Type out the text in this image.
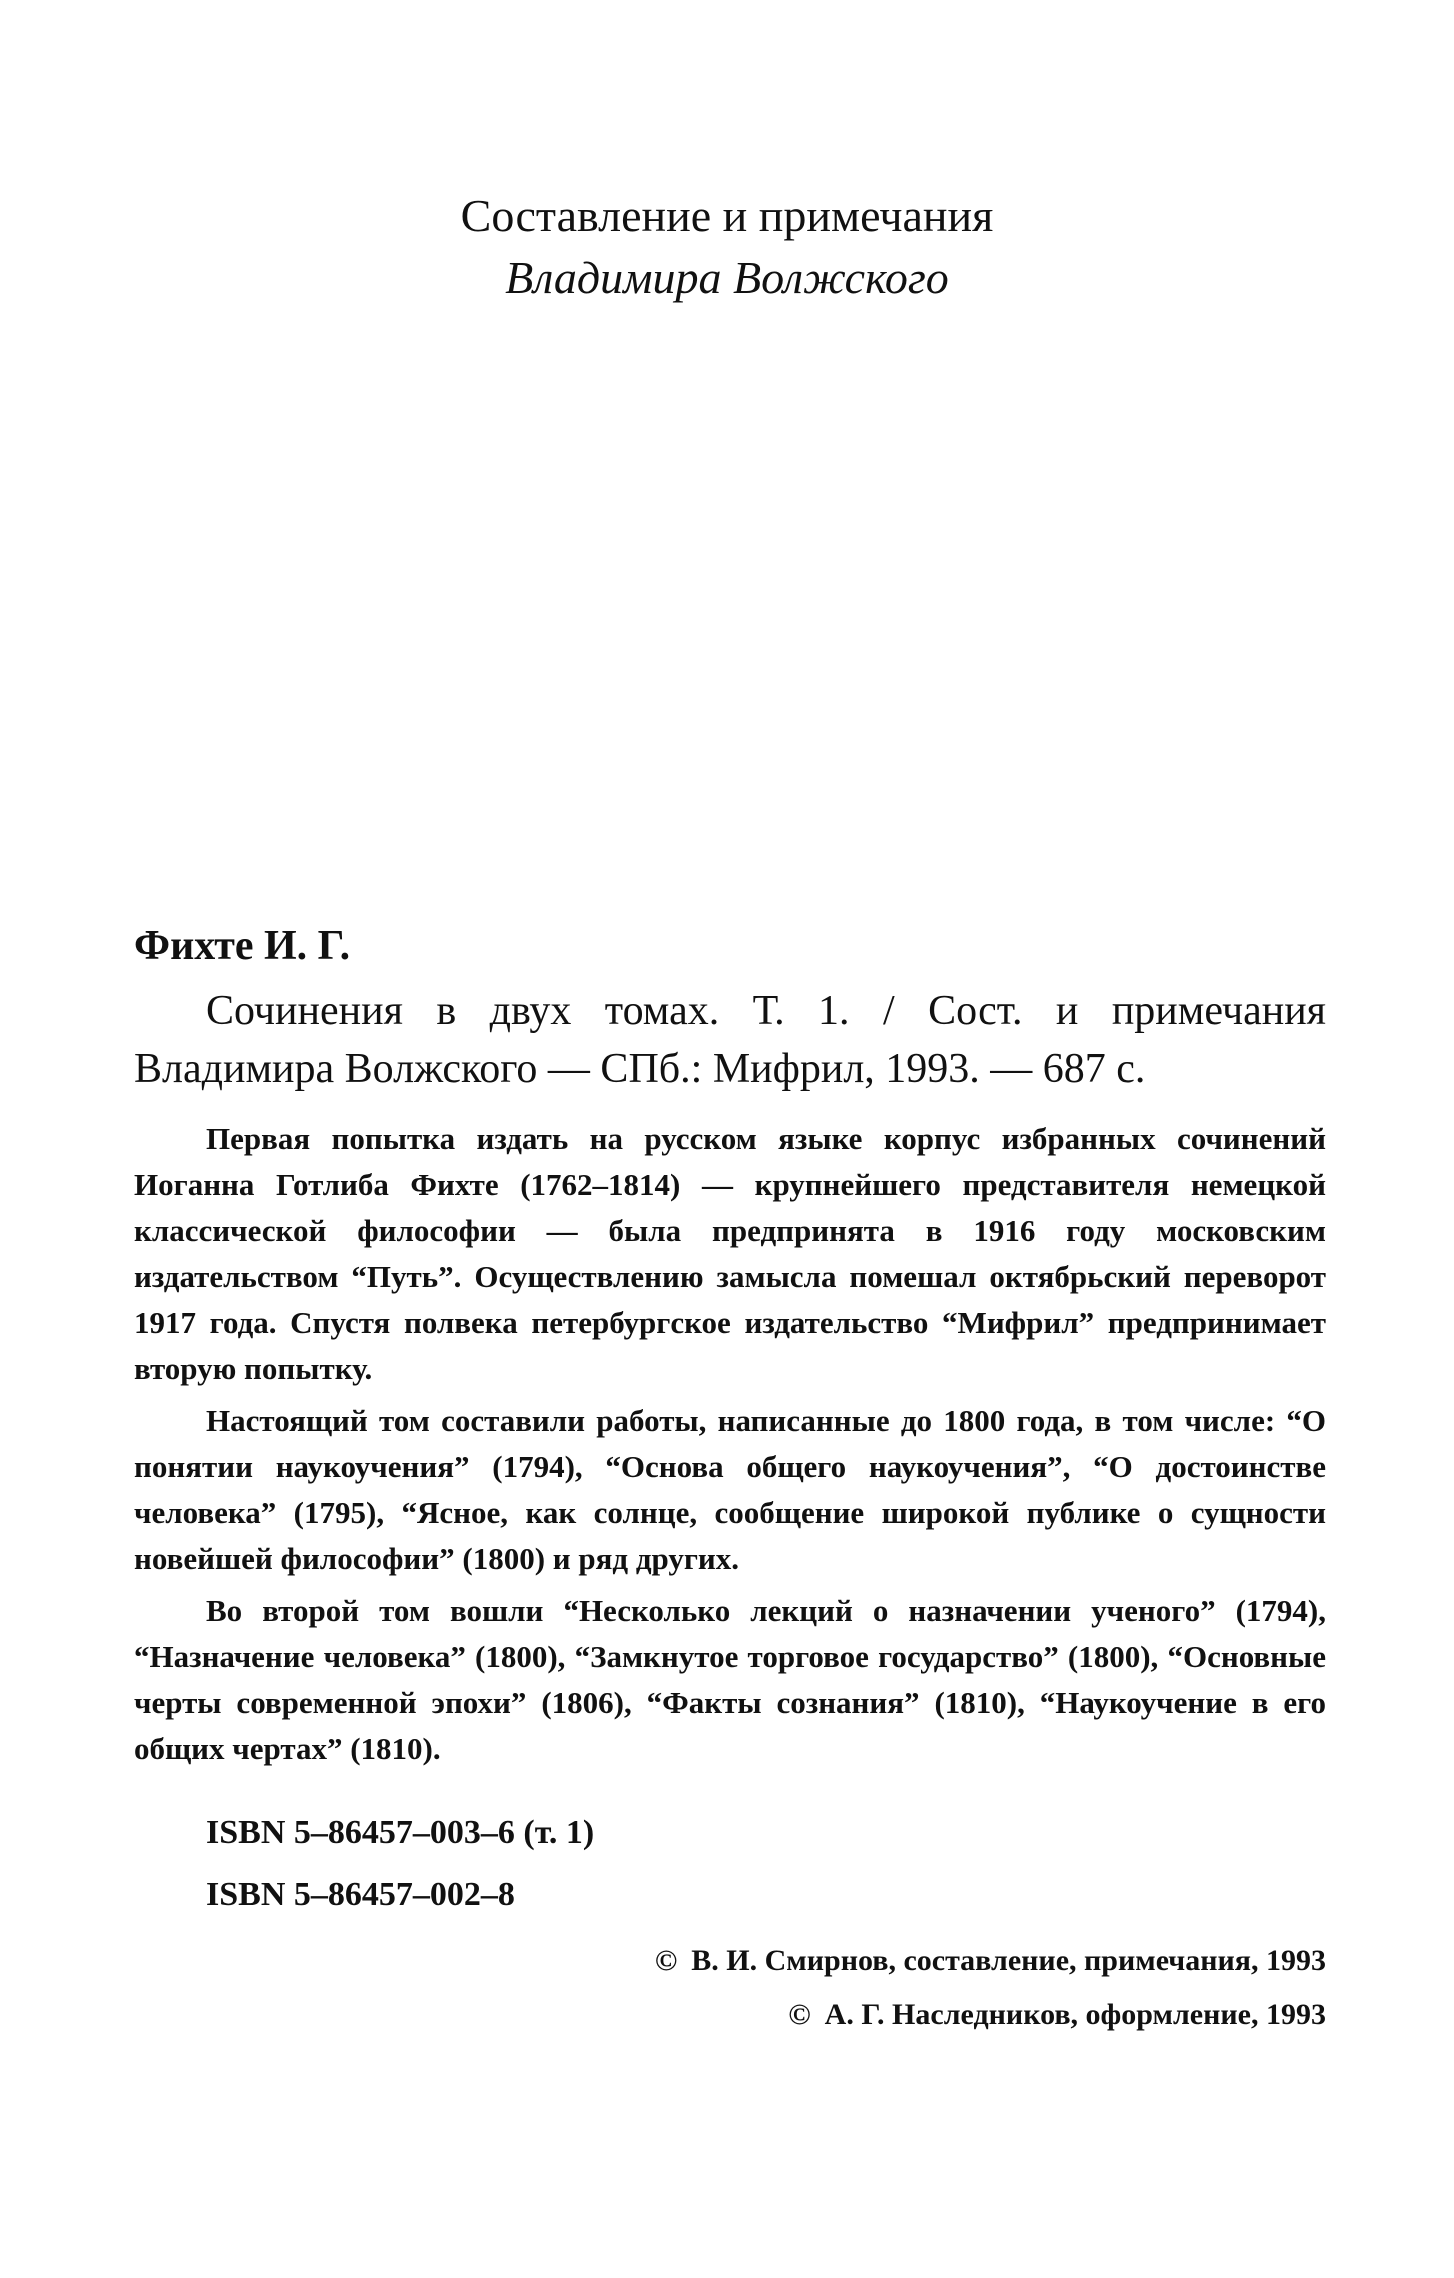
Составление и примечания
Владимира Волжского
Фихте И. Г.

Сочинения в двух томах. Т. 1. / Сост. и примечания Владимира Волжского — СПб.: Мифрил, 1993. — 687 с.

Первая попытка издать на русском языке корпус избранных сочинений Иоганна Готлиба Фихте (1762–1814) — крупнейшего представителя немецкой классической философии — была предпринята в 1916 году московским издательством “Путь”. Осуществлению замысла помешал октябрьский переворот 1917 года. Спустя полвека петербургское издательство “Мифрил” предпринимает вторую попытку.

Настоящий том составили работы, написанные до 1800 года, в том числе: “О понятии наукоучения” (1794), “Основа общего наукоучения”, “О достоинстве человека” (1795), “Ясное, как солнце, сообщение широкой публике о сущности новейшей философии” (1800) и ряд других.

Во второй том вошли “Несколько лекций о назначении ученого” (1794), “Назначение человека” (1800), “Замкнутое торговое государство” (1800), “Основные черты современной эпохи” (1806), “Факты сознания” (1810), “Наукоучение в его общих чертах” (1810).

ISBN 5–86457–003–6 (т. 1)
ISBN 5–86457–002–8
© В. И. Смирнов, составление, примечания, 1993
© А. Г. Наследников, оформление, 1993
